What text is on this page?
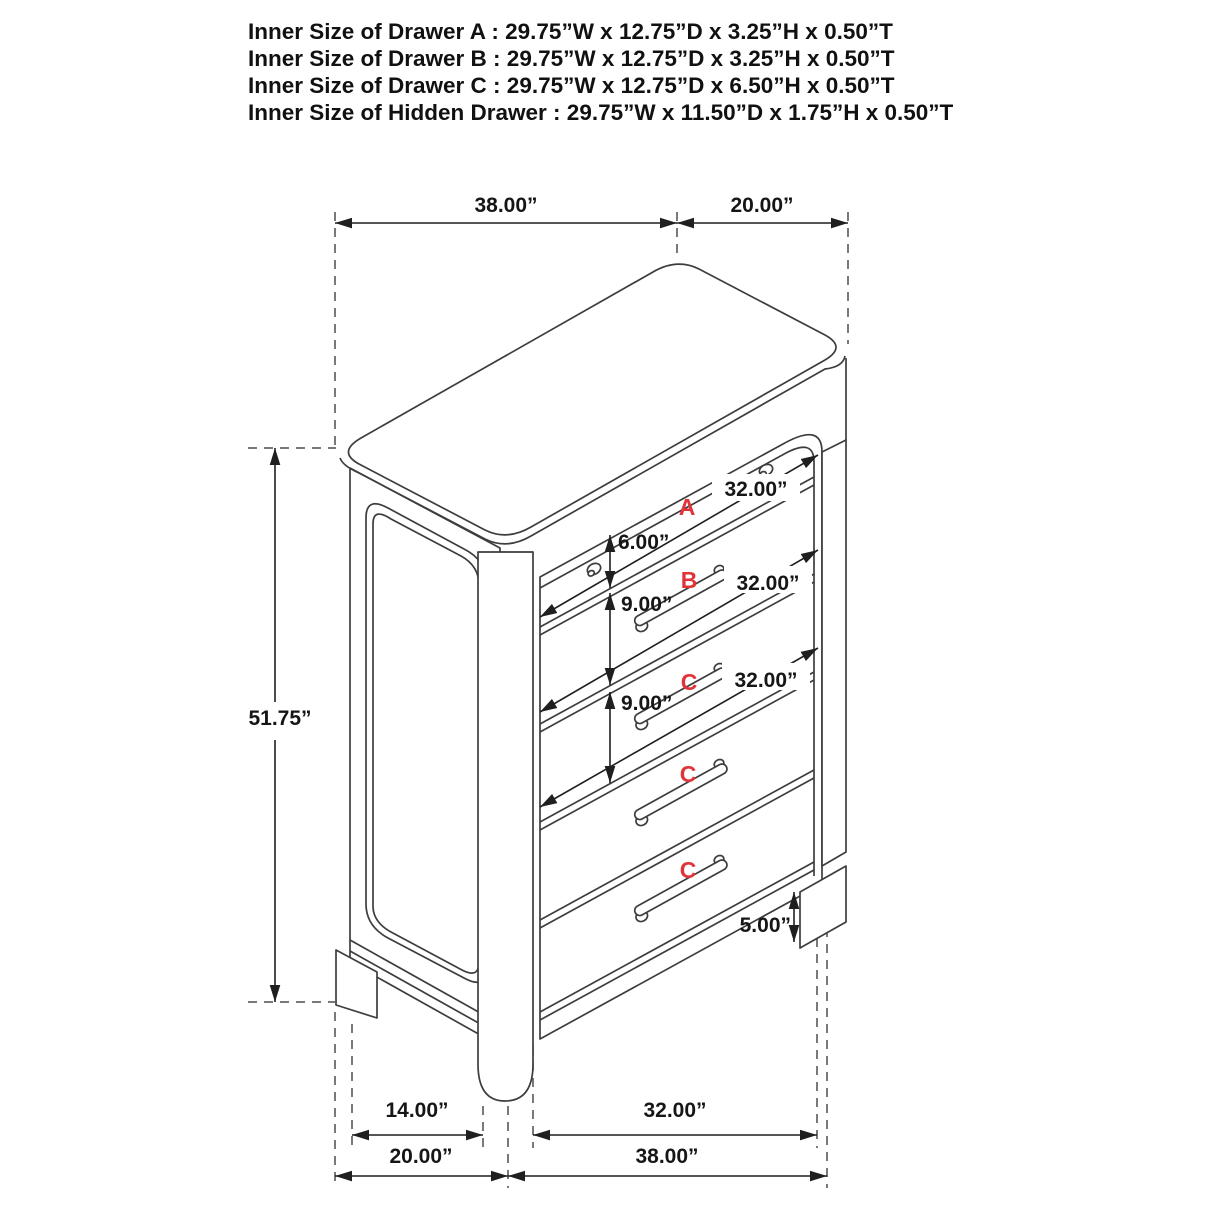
Inner Size of Drawer A : 29.75”W x 12.75”D x 3.25”H x 0.50”T
Inner Size of Drawer B : 29.75”W x 12.75”D x 3.25”H x 0.50”T
Inner Size of Drawer C : 29.75”W x 12.75”D x 6.50”H x 0.50”T
Inner Size of Hidden Drawer : 29.75”W x 11.50”D x 1.75”H x 0.50”T
38.00”	20.00”
51.75”
6.00”
9.00”
9.00”
32.00”
32.00”
32.00”
5.00”
14.00”	32.00”
20.00”	38.00”
A
B
C
C
C
